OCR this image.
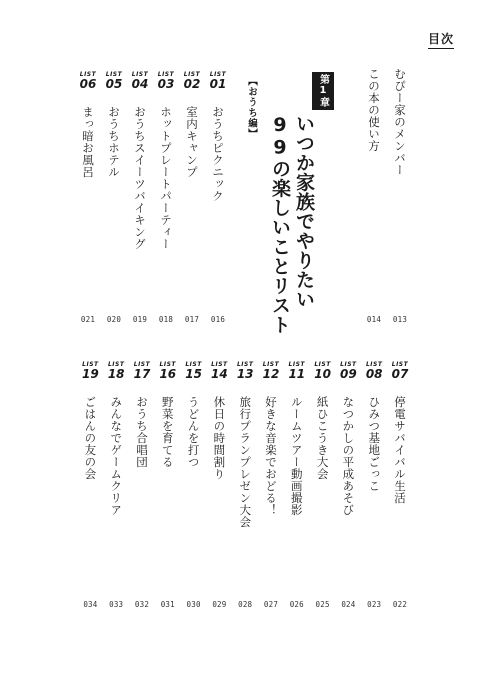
目次
むぴー家のメンバー
013
この本の使い方
014
第1章
いつか家族でやりたい
99の楽しいことリスト
【おうち編】
LIST
01
おうちピクニック
016
LIST
02
室内キャンプ
017
LIST
03
ホットプレートパーティー
018
LIST
04
おうちスイーツバイキング
019
LIST
05
おうちホテル
020
LIST
06
まっ暗お風呂
021
LIST
07
停電サバイバル生活
022
LIST
08
ひみつ基地ごっこ
023
LIST
09
なつかしの平成あそび
024
LIST
10
紙ひこうき大会
025
LIST
11
ルームツアー動画撮影
026
LIST
12
好きな音楽でおどる！
027
LIST
13
旅行プランプレゼン大会
028
LIST
14
休日の時間割り
029
LIST
15
うどんを打つ
030
LIST
16
野菜を育てる
031
LIST
17
おうち合唱団
032
LIST
18
みんなでゲームクリア
033
LIST
19
ごはんの友の会
034
